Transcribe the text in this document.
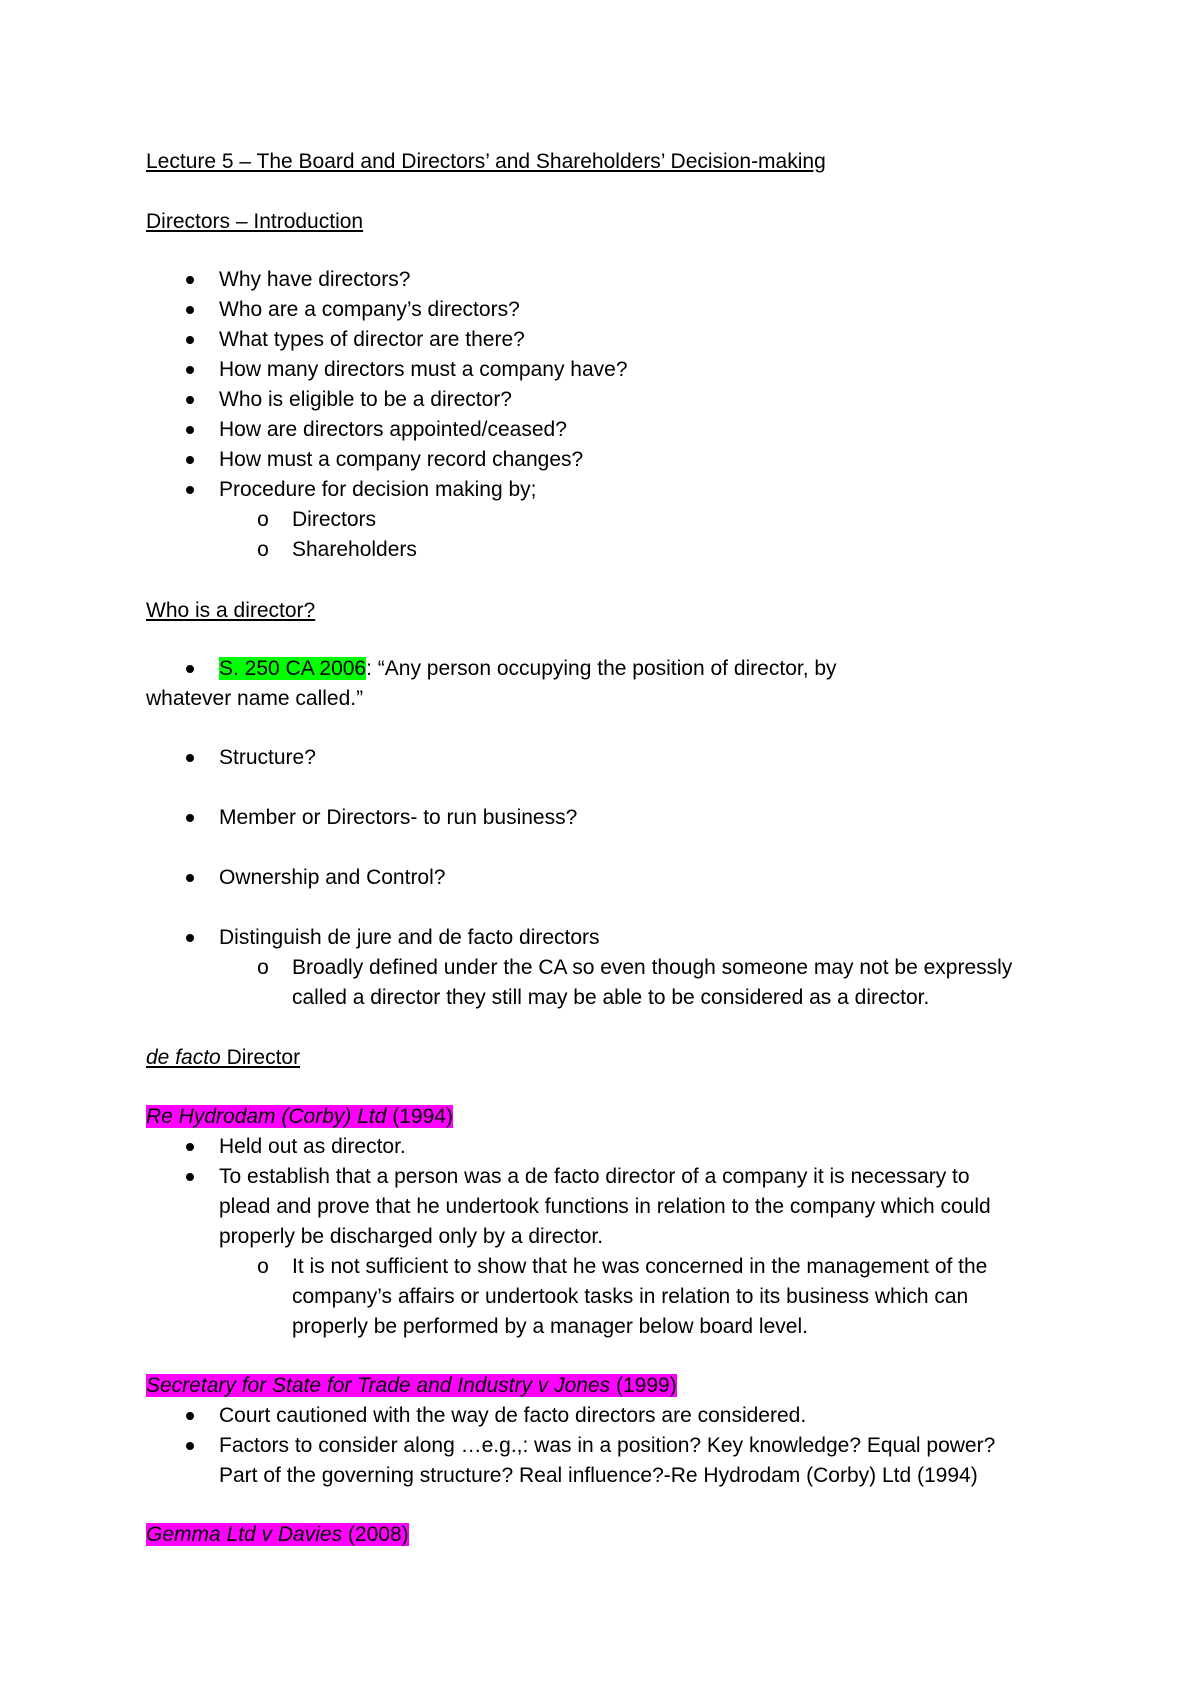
Lecture 5 – The Board and Directors’ and Shareholders’ Decision-making
Directors – Introduction
Why have directors?
Who are a company’s directors?
What types of director are there?
How many directors must a company have?
Who is eligible to be a director?
How are directors appointed/ceased?
How must a company record changes?
Procedure for decision making by;
o Directors
o Shareholders
Who is a director?
S. 250 CA 2006: “Any person occupying the position of director, by
whatever name called.”
Structure?
Member or Directors- to run business?
Ownership and Control?
Distinguish de jure and de facto directors
o Broadly defined under the CA so even though someone may not be expressly
called a director they still may be able to be considered as a director.
de facto Director
Re Hydrodam (Corby) Ltd (1994)
Held out as director.
To establish that a person was a de facto director of a company it is necessary to
plead and prove that he undertook functions in relation to the company which could
properly be discharged only by a director.
o It is not sufficient to show that he was concerned in the management of the
company’s affairs or undertook tasks in relation to its business which can
properly be performed by a manager below board level.
Secretary for State for Trade and Industry v Jones (1999)
Court cautioned with the way de facto directors are considered.
Factors to consider along …e.g.,: was in a position? Key knowledge? Equal power?
Part of the governing structure? Real influence?-Re Hydrodam (Corby) Ltd (1994)
Gemma Ltd v Davies (2008)
